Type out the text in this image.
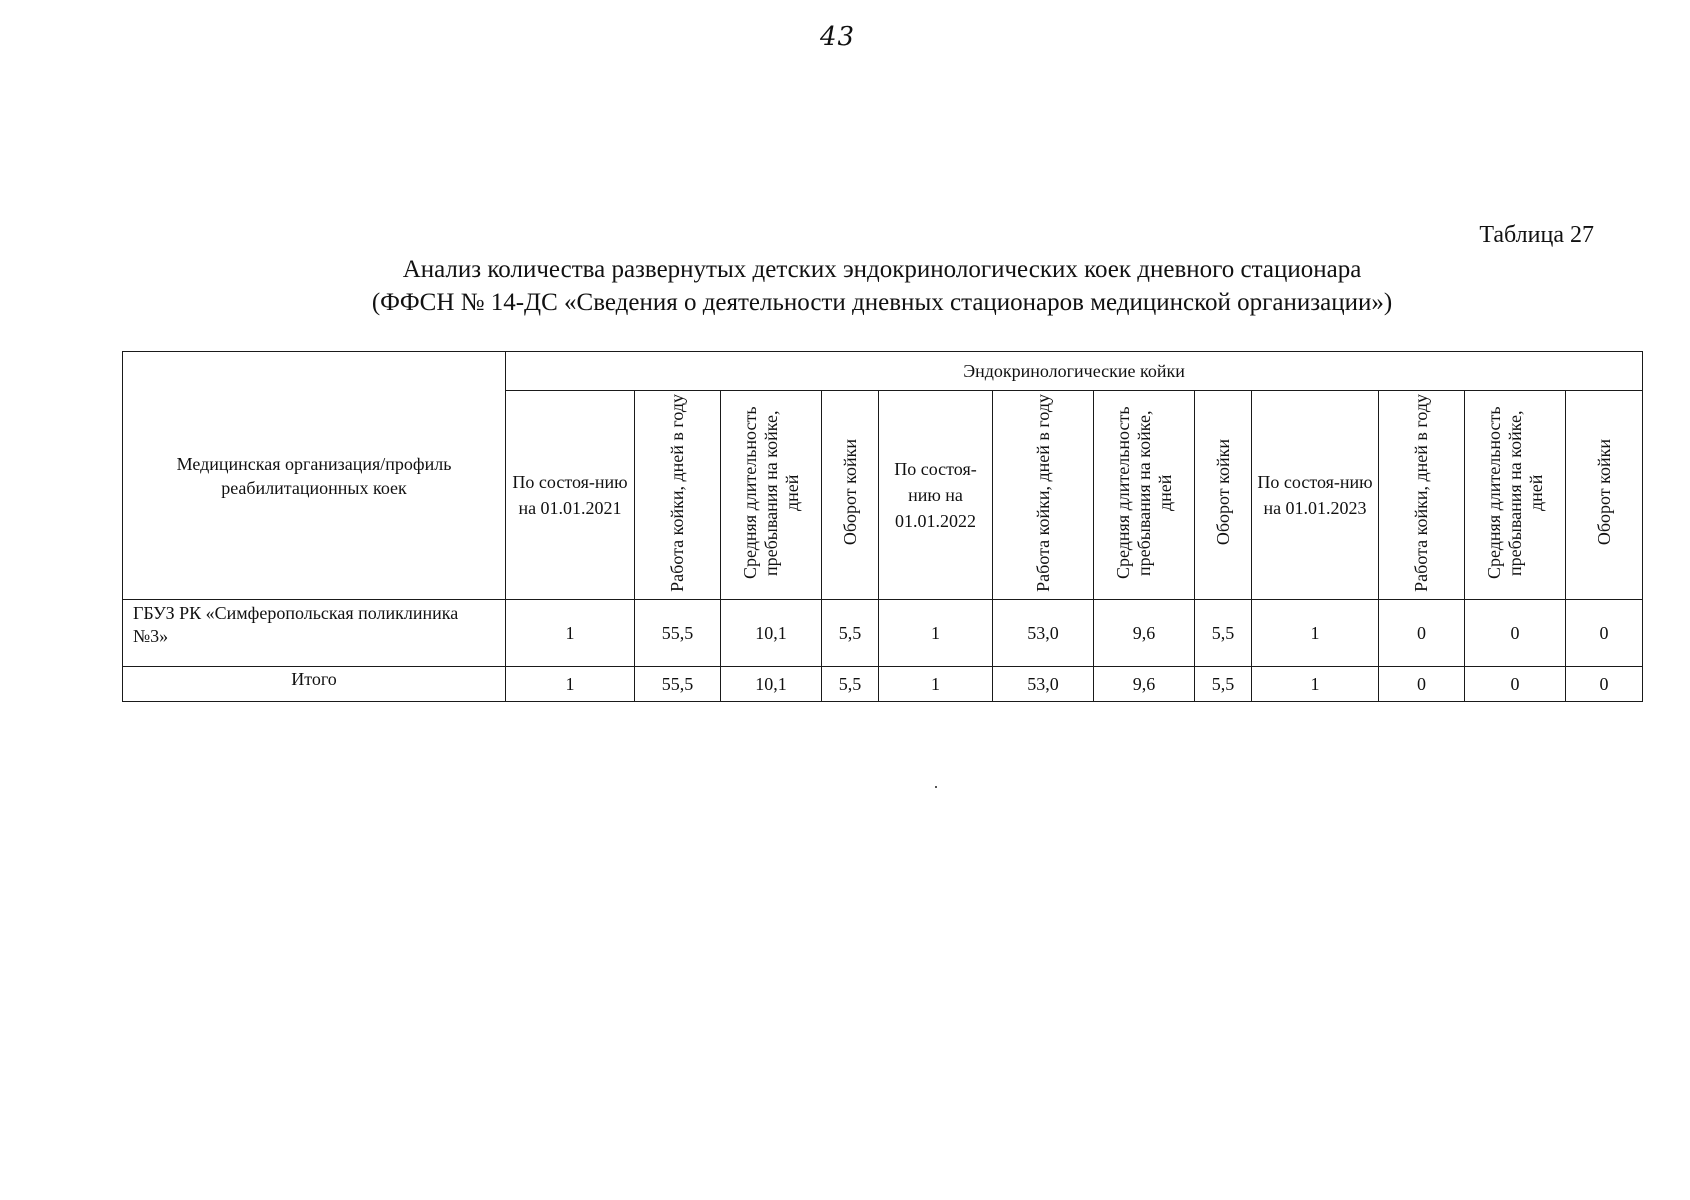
43
Таблица 27
Анализ количества развернутых детских эндокринологических коек дневного стационара
(ФФСН № 14-ДС «Сведения о деятельности дневных стационаров медицинской организации»)
Медицинская организация/профиль реабилитационных коек	Эндокринологические койки											
	По состоя-нию на 01.01.2021	Работа койки, дней в году	Средняя длительность пребывания на койке, дней	Оборот койки	По состоя-нию на 01.01.2022	Работа койки, дней в году	Средняя длительность пребывания на койке, дней	Оборот койки	По состоя-нию на 01.01.2023	Работа койки, дней в году	Средняя длительность пребывания на койке, дней	Оборот койки
ГБУЗ РК «Симферопольская поликлиника №3»	1	55,5	10,1	5,5	1	53,0	9,6	5,5	1	0	0	0
Итого	1	55,5	10,1	5,5	1	53,0	9,6	5,5	1	0	0	0
